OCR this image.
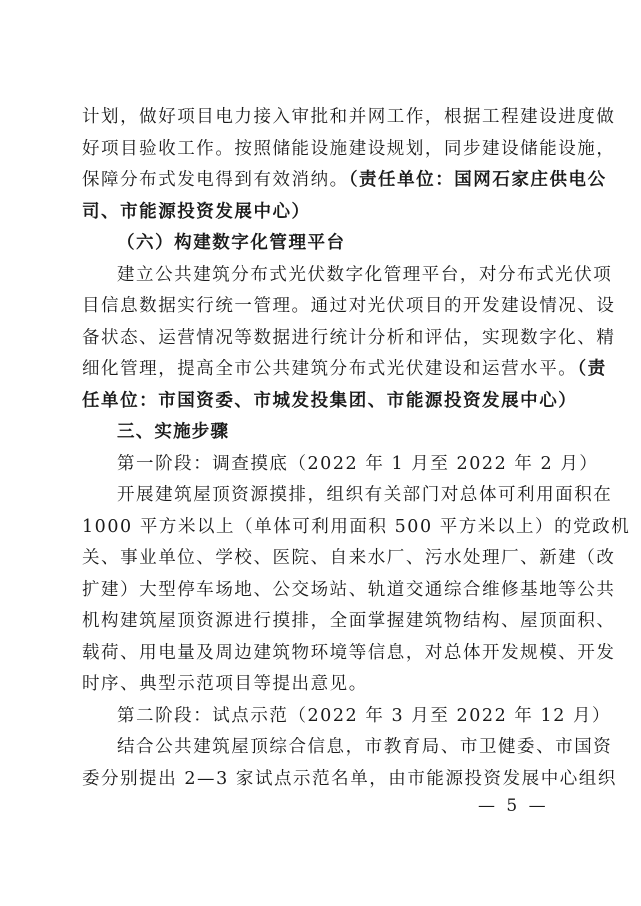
计划，做好项目电力接入审批和并网工作，根据工程建设进度做
好项目验收工作。按照储能设施建设规划，同步建设储能设施，
保障分布式发电得到有效消纳。（责任单位：国网石家庄供电公
司、市能源投资发展中心）
（六）构建数字化管理平台
建立公共建筑分布式光伏数字化管理平台，对分布式光伏项
目信息数据实行统一管理。通过对光伏项目的开发建设情况、设
备状态、运营情况等数据进行统计分析和评估，实现数字化、精
细化管理，提高全市公共建筑分布式光伏建设和运营水平。（责
任单位：市国资委、市城发投集团、市能源投资发展中心）
三、实施步骤
第一阶段：调查摸底（2022 年 1 月至 2022 年 2 月）
开展建筑屋顶资源摸排，组织有关部门对总体可利用面积在
1000 平方米以上（单体可利用面积 500 平方米以上）的党政机
关、事业单位、学校、医院、自来水厂、污水处理厂、新建（改
扩建）大型停车场地、公交场站、轨道交通综合维修基地等公共
机构建筑屋顶资源进行摸排，全面掌握建筑物结构、屋顶面积、
载荷、用电量及周边建筑物环境等信息，对总体开发规模、开发
时序、典型示范项目等提出意见。
第二阶段：试点示范（2022 年 3 月至 2022 年 12 月）
结合公共建筑屋顶综合信息，市教育局、市卫健委、市国资
委分别提出 2—3 家试点示范名单，由市能源投资发展中心组织
— 5 —
